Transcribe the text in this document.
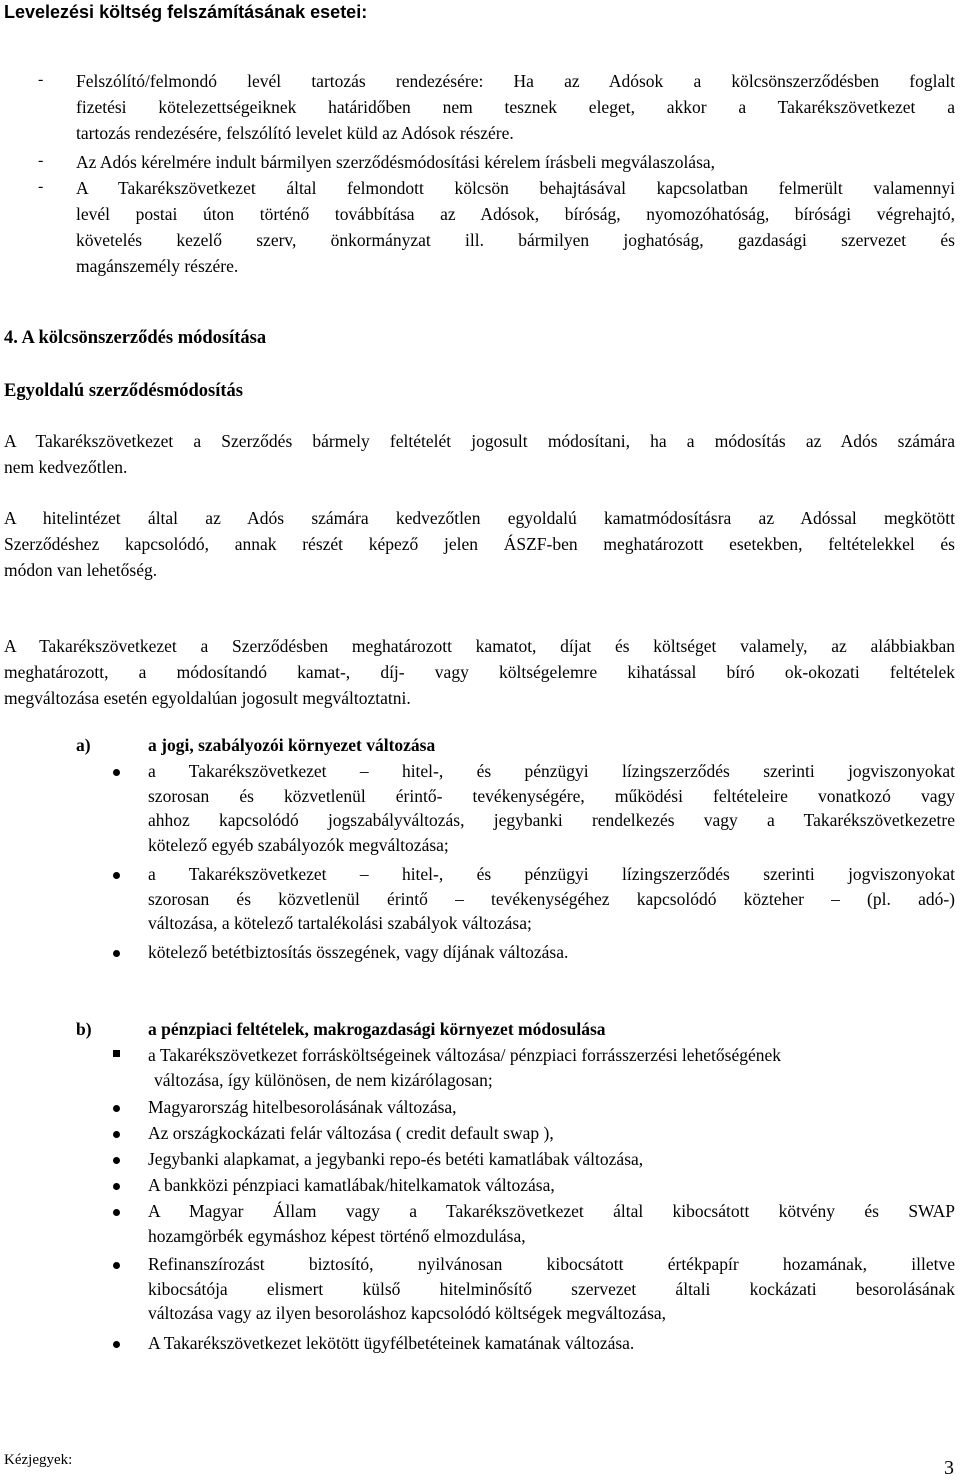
Levelezési költség felszámításának esetei:
- Felszólító/felmondó levél tartozás rendezésére: Ha az Adósok a kölcsönszerződésben foglalt
fizetési kötelezettségeiknek határidőben nem tesznek eleget, akkor a Takarékszövetkezet a
tartozás rendezésére, felszólító levelet küld az Adósok részére.
- Az Adós kérelmére indult bármilyen szerződésmódosítási kérelem írásbeli megválaszolása,
- A Takarékszövetkezet által felmondott kölcsön behajtásával kapcsolatban felmerült valamennyi
levél postai úton történő továbbítása az Adósok, bíróság, nyomozóhatóság, bírósági végrehajtó,
követelés kezelő szerv, önkormányzat ill. bármilyen joghatóság, gazdasági szervezet és
magánszemély részére.
4. A kölcsönszerződés módosítása
Egyoldalú szerződésmódosítás
A Takarékszövetkezet a Szerződés bármely feltételét jogosult módosítani, ha a módosítás az Adós számára
nem kedvezőtlen.
A hitelintézet által az Adós számára kedvezőtlen egyoldalú kamatmódosításra az Adóssal megkötött
Szerződéshez kapcsolódó, annak részét képező jelen ÁSZF-ben meghatározott esetekben, feltételekkel és
módon van lehetőség.
A Takarékszövetkezet a Szerződésben meghatározott kamatot, díjat és költséget valamely, az alábbiakban
meghatározott, a módosítandó kamat-, díj- vagy költségelemre kihatással bíró ok-okozati feltételek
megváltozása esetén egyoldalúan jogosult megváltoztatni.
a)	a jogi, szabályozói környezet változása
a Takarékszövetkezet – hitel-, és pénzügyi lízingszerződés szerinti jogviszonyokat
szorosan és közvetlenül érintő- tevékenységére, működési feltételeire vonatkozó vagy
ahhoz kapcsolódó jogszabályváltozás, jegybanki rendelkezés vagy a Takarékszövetkezetre
kötelező egyéb szabályozók megváltozása;
a Takarékszövetkezet – hitel-, és pénzügyi lízingszerződés szerinti jogviszonyokat
szorosan és közvetlenül érintő – tevékenységéhez kapcsolódó közteher – (pl. adó-)
változása, a kötelező tartalékolási szabályok változása;
kötelező betétbiztosítás összegének, vagy díjának változása.
b)	a pénzpiaci feltételek, makrogazdasági környezet módosulása
a Takarékszövetkezet forrásköltségeinek változása/ pénzpiaci forrásszerzési lehetőségének
változása, így különösen, de nem kizárólagosan;
Magyarország hitelbesorolásának változása,
Az országkockázati felár változása ( credit default swap ),
Jegybanki alapkamat, a jegybanki repo-és betéti kamatlábak változása,
A bankközi pénzpiaci kamatlábak/hitelkamatok változása,
A Magyar Állam vagy a Takarékszövetkezet által kibocsátott kötvény és SWAP
hozamgörbék egymáshoz képest történő elmozdulása,
Refinanszírozást biztosító, nyilvánosan kibocsátott értékpapír hozamának, illetve
kibocsátója elismert külső hitelminősítő szervezet általi kockázati besorolásának
változása vagy az ilyen besoroláshoz kapcsolódó költségek megváltozása,
A Takarékszövetkezet lekötött ügyfélbetéteinek kamatának változása.
Kézjegyek:	3
